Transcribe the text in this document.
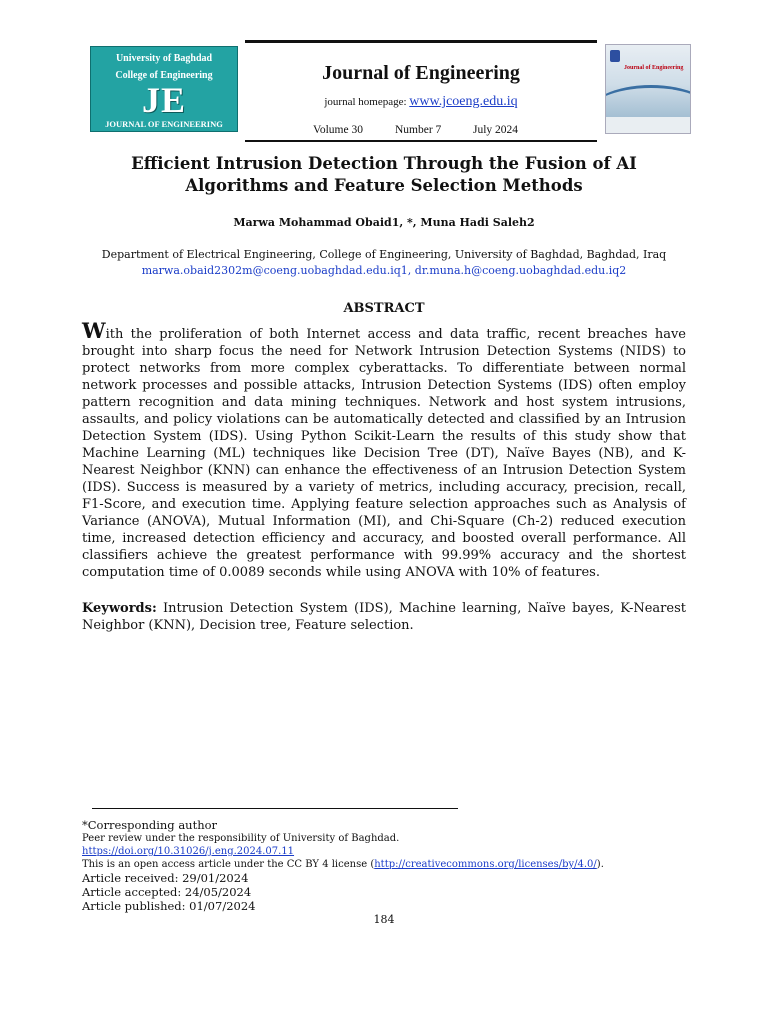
University of Baghdad
College of Engineering
JE
JOURNAL OF ENGINEERING
Journal of Engineering
journal homepage: www.jcoeng.edu.iq
Volume 30	Number 7	July 2024
Journal of Engineering
Efficient Intrusion Detection Through the Fusion of AI
Algorithms and Feature Selection Methods
Marwa Mohammad Obaid1, *, Muna Hadi Saleh2
Department of Electrical Engineering, College of Engineering, University of Baghdad, Baghdad, Iraq
marwa.obaid2302m@coeng.uobaghdad.edu.iq1, dr.muna.h@coeng.uobaghdad.edu.iq2
ABSTRACT
With the proliferation of both Internet access and data traffic, recent breaches have brought into sharp focus the need for Network Intrusion Detection Systems (NIDS) to protect networks from more complex cyberattacks. To differentiate between normal network processes and possible attacks, Intrusion Detection Systems (IDS) often employ pattern recognition and data mining techniques. Network and host system intrusions, assaults, and policy violations can be automatically detected and classified by an Intrusion Detection System (IDS). Using Python Scikit-Learn the results of this study show that Machine Learning (ML) techniques like Decision Tree (DT), Naïve Bayes (NB), and K-Nearest Neighbor (KNN) can enhance the effectiveness of an Intrusion Detection System (IDS). Success is measured by a variety of metrics, including accuracy, precision, recall, F1-Score, and execution time. Applying feature selection approaches such as Analysis of Variance (ANOVA), Mutual Information (MI), and Chi-Square (Ch-2) reduced execution time, increased detection efficiency and accuracy, and boosted overall performance. All classifiers achieve the greatest performance with 99.99% accuracy and the shortest computation time of 0.0089 seconds while using ANOVA with 10% of features.
Keywords: Intrusion Detection System (IDS), Machine learning, Naïve bayes, K-Nearest Neighbor (KNN), Decision tree, Feature selection.
*Corresponding author
Peer review under the responsibility of University of Baghdad.
https://doi.org/10.31026/j.eng.2024.07.11
This is an open access article under the CC BY 4 license (http://creativecommons.org/licenses/by/4.0/).
Article received: 29/01/2024
Article accepted: 24/05/2024
Article published: 01/07/2024
184
